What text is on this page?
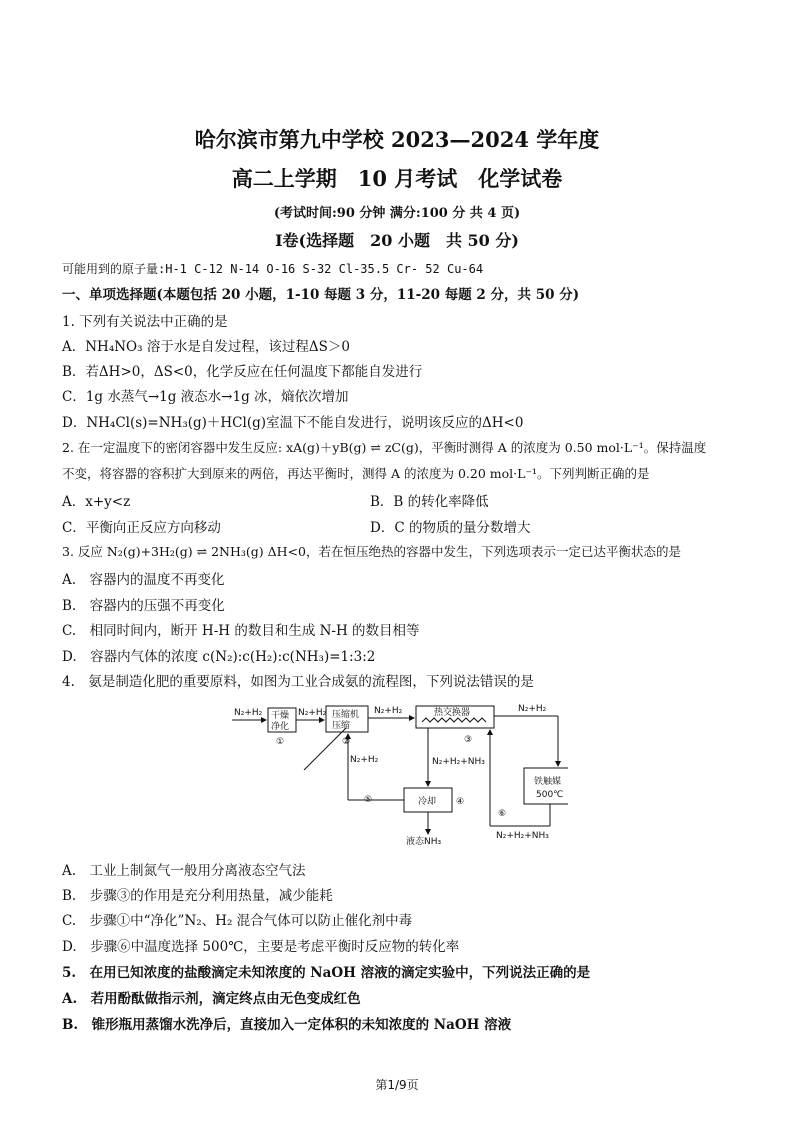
哈尔滨市第九中学校 2023—2024 学年度
高二上学期　10 月考试　化学试卷
(考试时间:90 分钟 满分:100 分 共 4 页)
I卷(选择题　20 小题　共 50 分)
可能用到的原子量:H-1 C-12 N-14 O-16 S-32 Cl-35.5 Cr- 52 Cu-64
一、单项选择题(本题包括 20 小题，1-10 每题 3 分，11-20 每题 2 分，共 50 分)
1. 下列有关说法中正确的是
A．NH₄NO₃ 溶于水是自发过程，该过程ΔS＞0
B．若ΔH>0，ΔS<0，化学反应在任何温度下都能自发进行
C．1g 水蒸气→1g 液态水→1g 冰，熵依次增加
D．NH₄Cl(s)=NH₃(g)＋HCl(g)室温下不能自发进行，说明该反应的ΔH<0
2. 在一定温度下的密闭容器中发生反应: xA(g)＋yB(g) ⇌ zC(g)，平衡时测得 A 的浓度为 0.50 mol·L⁻¹。保持温度
不变，将容器的容积扩大到原来的两倍，再达平衡时，测得 A 的浓度为 0.20 mol·L⁻¹。下列判断正确的是
A．x+y<z	B．B 的转化率降低
C．平衡向正反应方向移动	D．C 的物质的量分数增大
3. 反应 N₂(g)+3H₂(g) ⇌ 2NH₃(g) ΔH<0，若在恒压绝热的容器中发生，下列选项表示一定已达平衡状态的是
A.　容器内的温度不再变化
B.　容器内的压强不再变化
C.　相同时间内，断开 H-H 的数目和生成 N-H 的数目相等
D.　容器内气体的浓度 c(N₂):c(H₂):c(NH₃)=1:3:2
4.　氨是制造化肥的重要原料，如图为工业合成氨的流程图，下列说法错误的是
N₂+H₂ 干燥
净化
①
N₂+H₂ 压缩机
压缩
②
N₂+H₂	热交换器
③
N₂+H₂
铁触媒
500℃
N₂+H₂	N₂+H₂+NH₃
⑤	冷却 ④
液态NH₃
⑥
N₂+H₂+NH₃
A.　工业上制氮气一般用分离液态空气法
B.　步骤③的作用是充分利用热量，减少能耗
C.　步骤①中“净化”N₂、H₂ 混合气体可以防止催化剂中毒
D.　步骤⑥中温度选择 500℃，主要是考虑平衡时反应物的转化率
5.　在用已知浓度的盐酸滴定未知浓度的 NaOH 溶液的滴定实验中，下列说法正确的是
A.　若用酚酞做指示剂，滴定终点由无色变成红色
B.　锥形瓶用蒸馏水洗净后，直接加入一定体积的未知浓度的 NaOH 溶液
第1/9页
